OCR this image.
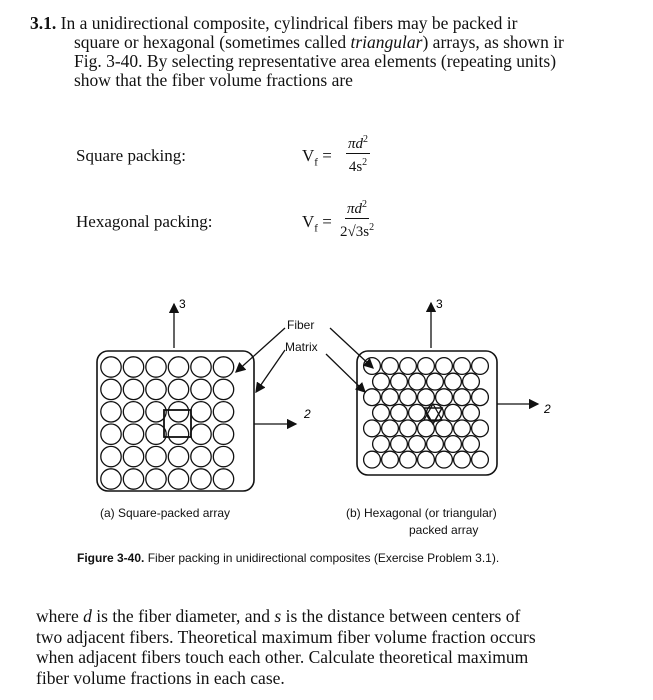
3.1. In a unidirectional composite, cylindrical fibers may be packed ir
square or hexagonal (sometimes called triangular) arrays, as shown ir
Fig. 3-40. By selecting representative area elements (repeating units)
show that the fiber volume fractions are
Square packing:	$V_f = \frac{\pi d^2}{4s^2}$
Hexagonal packing:	$V_f = \frac{\pi d^2}{2√3s^2}$
3	3
2	2
Fiber
Matrix
(a) Square-packed array	(b) Hexagonal (or triangular)
packed array
Figure 3-40. Fiber packing in unidirectional composites (Exercise Problem 3.1).
where d is the fiber diameter, and s is the distance between centers of
two adjacent fibers. Theoretical maximum fiber volume fraction occurs
when adjacent fibers touch each other. Calculate theoretical maximum
fiber volume fractions in each case.
